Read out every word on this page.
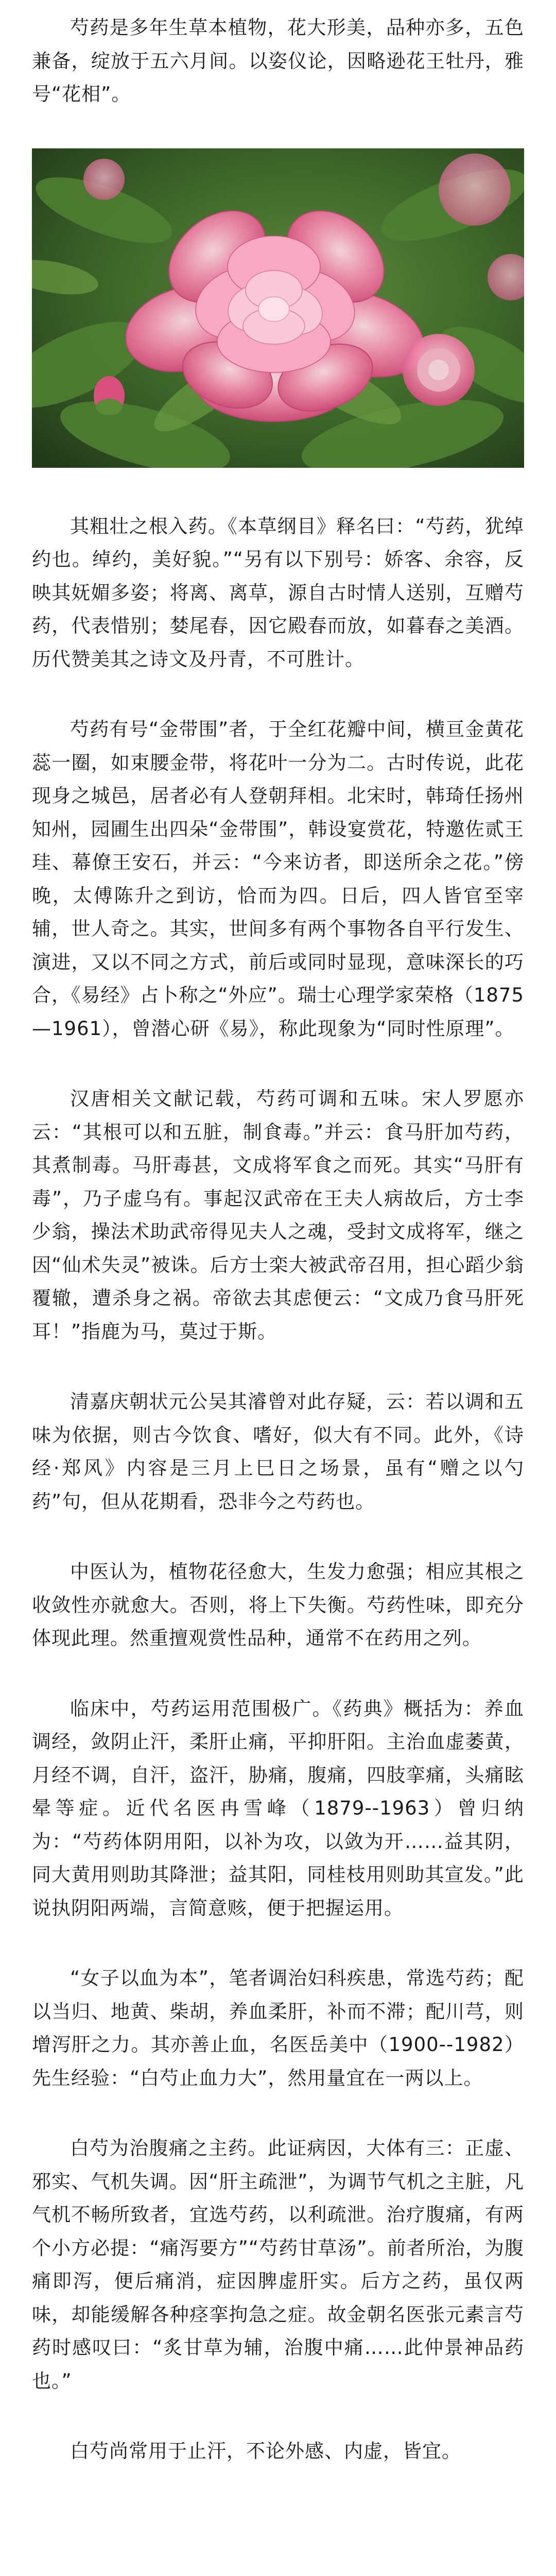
芍药是多年生草本植物，花大形美，品种亦多，五色兼备，绽放于五六月间。以姿仪论，因略逊花王牡丹，雅号“花相”。

其粗壮之根入药。《本草纲目》释名曰：“芍药，犹绰约也。绰约，美好貌。”“另有以下别号：娇客、余容，反映其妩媚多姿；将离、离草，源自古时情人送别，互赠芍药，代表惜别；婪尾春，因它殿春而放，如暮春之美酒。历代赞美其之诗文及丹青，不可胜计。

芍药有号“金带围”者，于全红花瓣中间，横亘金黄花蕊一圈，如束腰金带，将花叶一分为二。古时传说，此花现身之城邑，居者必有人登朝拜相。北宋时，韩琦任扬州知州，园圃生出四朵“金带围”，韩设宴赏花，特邀佐贰王珪、幕僚王安石，并云：“今来访者，即送所余之花。”傍晚，太傅陈升之到访，恰而为四。日后，四人皆官至宰辅，世人奇之。其实，世间多有两个事物各自平行发生、演进，又以不同之方式，前后或同时显现，意味深长的巧合，《易经》占卜称之“外应”。瑞士心理学家荣格（1875—1961），曾潜心研《易》，称此现象为“同时性原理”。

汉唐相关文献记载，芍药可调和五味。宋人罗愿亦云：“其根可以和五脏，制食毒。”并云：食马肝加芍药，其煮制毒。马肝毒甚，文成将军食之而死。其实“马肝有毒”，乃子虚乌有。事起汉武帝在王夫人病故后，方士李少翁，操法术助武帝得见夫人之魂，受封文成将军，继之因“仙术失灵”被诛。后方士栾大被武帝召用，担心蹈少翁覆辙，遭杀身之祸。帝欲去其虑便云：“文成乃食马肝死耳！”指鹿为马，莫过于斯。

清嘉庆朝状元公吴其濬曾对此存疑，云：若以调和五味为依据，则古今饮食、嗜好，似大有不同。此外，《诗经·郑风》内容是三月上巳日之场景，虽有“赠之以勺药”句，但从花期看，恐非今之芍药也。

中医认为，植物花径愈大，生发力愈强；相应其根之收敛性亦就愈大。否则，将上下失衡。芍药性味，即充分体现此理。然重擅观赏性品种，通常不在药用之列。

临床中，芍药运用范围极广。《药典》概括为：养血调经，敛阴止汗，柔肝止痛，平抑肝阳。主治血虚萎黄，月经不调，自汗，盗汗，胁痛，腹痛，四肢挛痛，头痛眩晕等症。近代名医冉雪峰（1879--1963）曾归纳为：“芍药体阴用阳，以补为攻，以敛为开……益其阴，同大黄用则助其降泄；益其阳，同桂枝用则助其宣发。”此说执阴阳两端，言简意赅，便于把握运用。

“女子以血为本”，笔者调治妇科疾患，常选芍药；配以当归、地黄、柴胡，养血柔肝，补而不滞；配川芎，则增泻肝之力。其亦善止血，名医岳美中（1900--1982）先生经验：“白芍止血力大”，然用量宜在一两以上。

白芍为治腹痛之主药。此证病因，大体有三：正虚、邪实、气机失调。因“肝主疏泄”，为调节气机之主脏，凡气机不畅所致者，宜选芍药，以利疏泄。治疗腹痛，有两个小方必提：“痛泻要方”“芍药甘草汤”。前者所治，为腹痛即泻，便后痛消，症因脾虚肝实。后方之药，虽仅两味，却能缓解各种痉挛拘急之症。故金朝名医张元素言芍药时感叹曰：“炙甘草为辅，治腹中痛……此仲景神品药也。”

白芍尚常用于止汗，不论外感、内虚，皆宜。
